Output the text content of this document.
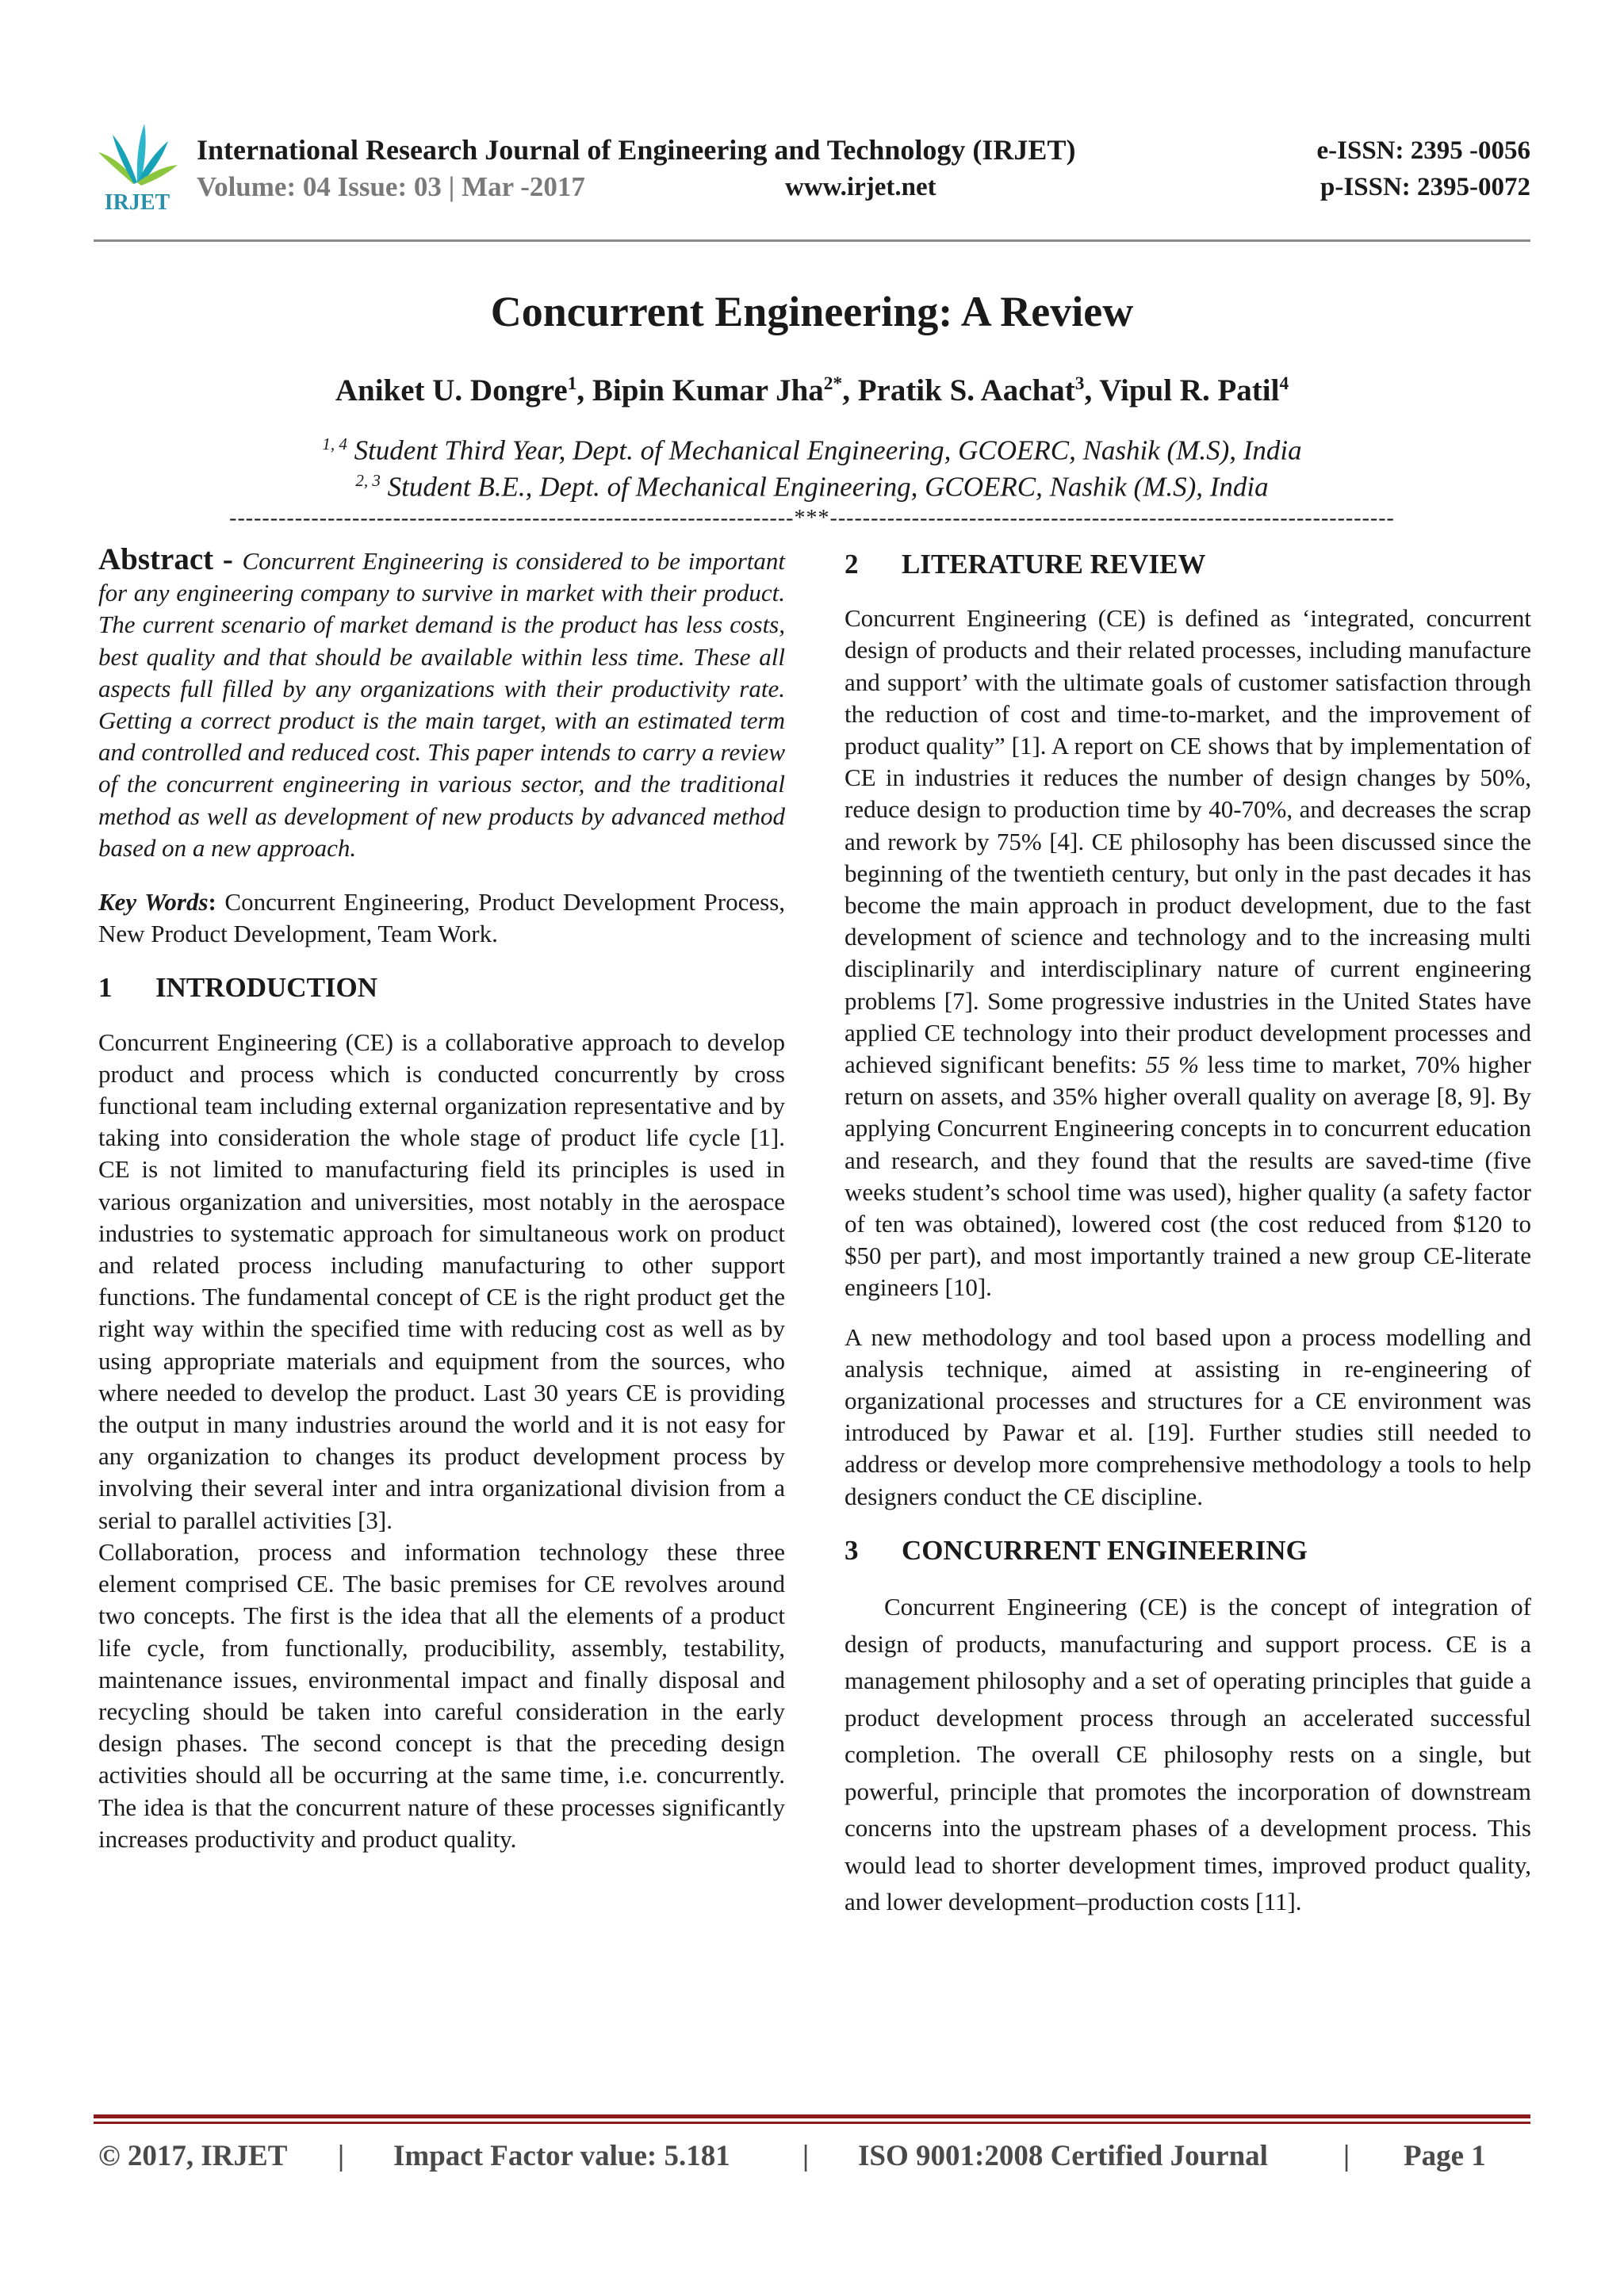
IRJET
International Research Journal of Engineering and Technology (IRJET)
Volume: 04 Issue: 03 | Mar -2017	www.irjet.net
e-ISSN: 2395 -0056
p-ISSN: 2395-0072
Concurrent Engineering: A Review
Aniket U. Dongre$^1$, Bipin Kumar Jha$^{2*}$, Pratik S. Aachat$^3$, Vipul R. Patil$^4$
$^{1, 4}$ Student Third Year, Dept. of Mechanical Engineering, GCOERC, Nashik (M.S), India
$^{2, 3}$ Student B.E., Dept. of Mechanical Engineering, GCOERC, Nashik (M.S), India
---------------------------------------------------------------------***---------------------------------------------------------------------

Abstract - Concurrent Engineering is considered to be important for any engineering company to survive in market with their product. The current scenario of market demand is the product has less costs, best quality and that should be available within less time. These all aspects full filled by any organizations with their productivity rate. Getting a correct product is the main target, with an estimated term and controlled and reduced cost. This paper intends to carry a review of the concurrent engineering in various sector, and the traditional method as well as development of new products by advanced method based on a new approach.

Key Words: Concurrent Engineering, Product Development Process, New Product Development, Team Work.

1 INTRODUCTION

Concurrent Engineering (CE) is a collaborative approach to develop product and process which is conducted concurrently by cross functional team including external organization representative and by taking into consideration the whole stage of product life cycle [1]. CE is not limited to manufacturing field its principles is used in various organization and universities, most notably in the aerospace industries to systematic approach for simultaneous work on product and related process including manufacturing to other support functions. The fundamental concept of CE is the right product get the right way within the specified time with reducing cost as well as by using appropriate materials and equipment from the sources, who where needed to develop the product. Last 30 years CE is providing the output in many industries around the world and it is not easy for any organization to changes its product development process by involving their several inter and intra organizational division from a serial to parallel activities [3].

Collaboration, process and information technology these three element comprised CE. The basic premises for CE revolves around two concepts. The first is the idea that all the elements of a product life cycle, from functionally, producibility, assembly, testability, maintenance issues, environmental impact and finally disposal and recycling should be taken into careful consideration in the early design phases. The second concept is that the preceding design activities should all be occurring at the same time, i.e. concurrently. The idea is that the concurrent nature of these processes significantly increases productivity and product quality.

2 LITERATURE REVIEW

Concurrent Engineering (CE) is defined as ‘integrated, concurrent design of products and their related processes, including manufacture and support’ with the ultimate goals of customer satisfaction through the reduction of cost and time-to-market, and the improvement of product quality” [1]. A report on CE shows that by implementation of CE in industries it reduces the number of design changes by 50%, reduce design to production time by 40-70%, and decreases the scrap and rework by 75% [4]. CE philosophy has been discussed since the beginning of the twentieth century, but only in the past decades it has become the main approach in product development, due to the fast development of science and technology and to the increasing multi disciplinarily and interdisciplinary nature of current engineering problems [7]. Some progressive industries in the United States have applied CE technology into their product development processes and achieved significant benefits: 55 % less time to market, 70% higher return on assets, and 35% higher overall quality on average [8, 9]. By applying Concurrent Engineering concepts in to concurrent education and research, and they found that the results are saved-time (five weeks student’s school time was used), higher quality (a safety factor of ten was obtained), lowered cost (the cost reduced from $120 to $50 per part), and most importantly trained a new group CE-literate engineers [10].

A new methodology and tool based upon a process modelling and analysis technique, aimed at assisting in re-engineering of organizational processes and structures for a CE environment was introduced by Pawar et al. [19]. Further studies still needed to address or develop more comprehensive methodology a tools to help designers conduct the CE discipline.

3 CONCURRENT ENGINEERING

Concurrent Engineering (CE) is the concept of integration of design of products, manufacturing and support process. CE is a management philosophy and a set of operating principles that guide a product development process through an accelerated successful completion. The overall CE philosophy rests on a single, but powerful, principle that promotes the incorporation of downstream concerns into the upstream phases of a development process. This would lead to shorter development times, improved product quality, and lower development–production costs [11].

© 2017, IRJET | Impact Factor value: 5.181 | ISO 9001:2008 Certified Journal	| Page 1
